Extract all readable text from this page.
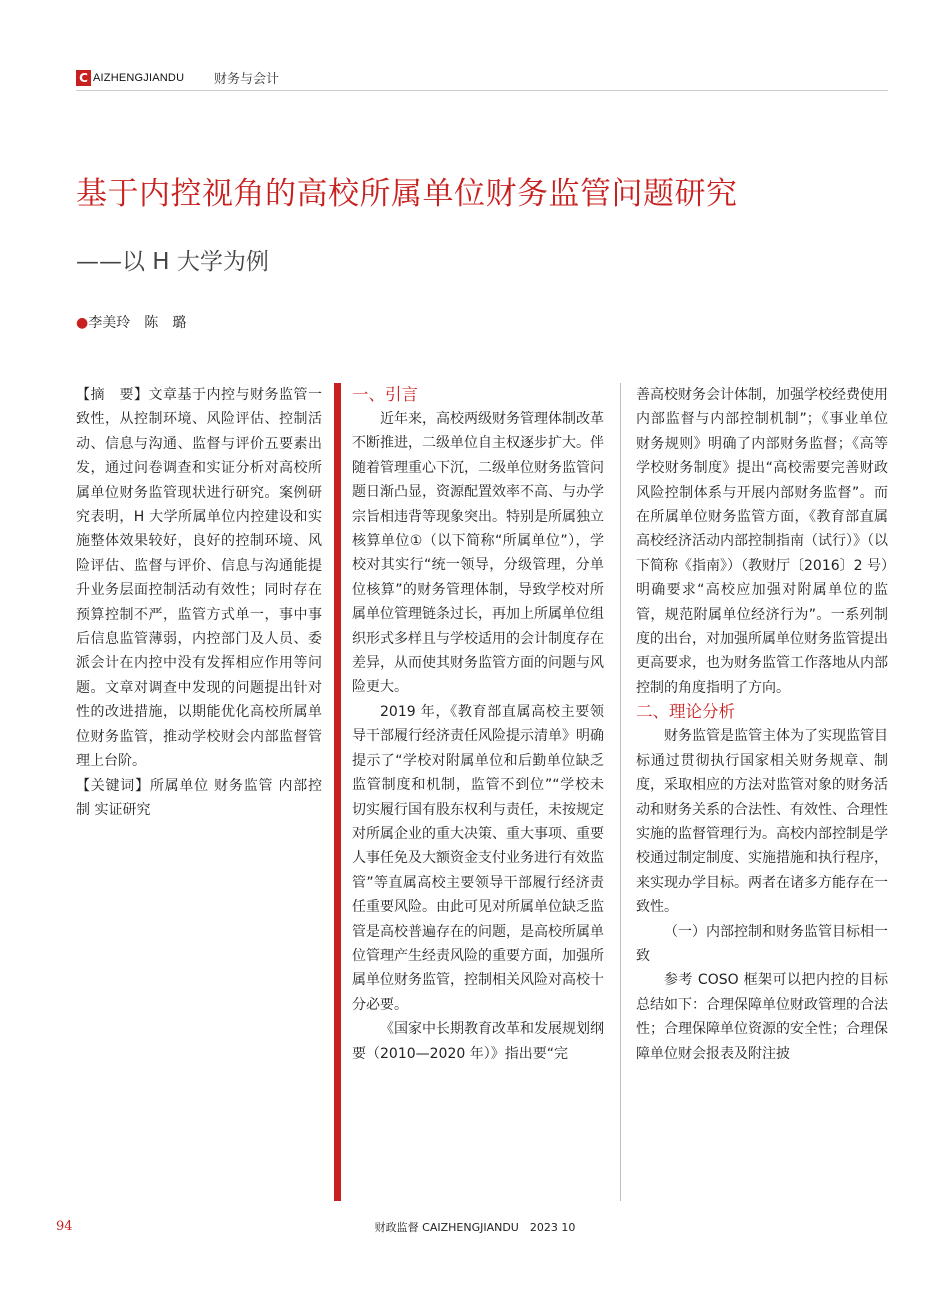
C AIZHENGJIANDU 财务与会计
基于内控视角的高校所属单位财务监管问题研究
——以 H 大学为例
●李美玲　陈　璐

【摘　要】文章基于内控与财务监管一致性，从控制环境、风险评估、控制活动、信息与沟通、监督与评价五要素出发，通过问卷调查和实证分析对高校所属单位财务监管现状进行研究。案例研究表明，H 大学所属单位内控建设和实施整体效果较好，良好的控制环境、风险评估、监督与评价、信息与沟通能提升业务层面控制活动有效性；同时存在预算控制不严，监管方式单一，事中事后信息监管薄弱，内控部门及人员、委派会计在内控中没有发挥相应作用等问题。文章对调查中发现的问题提出针对性的改进措施，以期能优化高校所属单位财务监管，推动学校财会内部监督管理上台阶。

【关键词】所属单位 财务监管 内部控制 实证研究

一、引言

近年来，高校两级财务管理体制改革不断推进，二级单位自主权逐步扩大。伴随着管理重心下沉，二级单位财务监管问题日渐凸显，资源配置效率不高、与办学宗旨相违背等现象突出。特别是所属独立核算单位①（以下简称“所属单位”），学校对其实行“统一领导，分级管理，分单位核算”的财务管理体制，导致学校对所属单位管理链条过长，再加上所属单位组织形式多样且与学校适用的会计制度存在差异，从而使其财务监管方面的问题与风险更大。

2019 年，《教育部直属高校主要领导干部履行经济责任风险提示清单》明确提示了“学校对附属单位和后勤单位缺乏监管制度和机制，监管不到位”“学校未切实履行国有股东权利与责任，未按规定对所属企业的重大决策、重大事项、重要人事任免及大额资金支付业务进行有效监管”等直属高校主要领导干部履行经济责任重要风险。由此可见对所属单位缺乏监管是高校普遍存在的问题，是高校所属单位管理产生经责风险的重要方面，加强所属单位财务监管，控制相关风险对高校十分必要。

《国家中长期教育改革和发展规划纲要（2010—2020 年）》指出要“完

善高校财务会计体制，加强学校经费使用内部监督与内部控制机制”；《事业单位财务规则》明确了内部财务监督；《高等学校财务制度》提出“高校需要完善财政风险控制体系与开展内部财务监督”。而在所属单位财务监管方面，《教育部直属高校经济活动内部控制指南（试行）》（以下简称《指南》）（教财厅〔2016〕2 号）明确要求“高校应加强对附属单位的监管，规范附属单位经济行为”。一系列制度的出台，对加强所属单位财务监管提出更高要求，也为财务监管工作落地从内部控制的角度指明了方向。

二、理论分析

财务监管是监管主体为了实现监管目标通过贯彻执行国家相关财务规章、制度，采取相应的方法对监管对象的财务活动和财务关系的合法性、有效性、合理性实施的监督管理行为。高校内部控制是学校通过制定制度、实施措施和执行程序，来实现办学目标。两者在诸多方能存在一致性。

（一）内部控制和财务监管目标相一致

参考 COSO 框架可以把内控的目标总结如下：合理保障单位财政管理的合法性；合理保障单位资源的安全性；合理保障单位财会报表及附注披

94	财政监督 CAIZHENGJIANDU　2023 10
